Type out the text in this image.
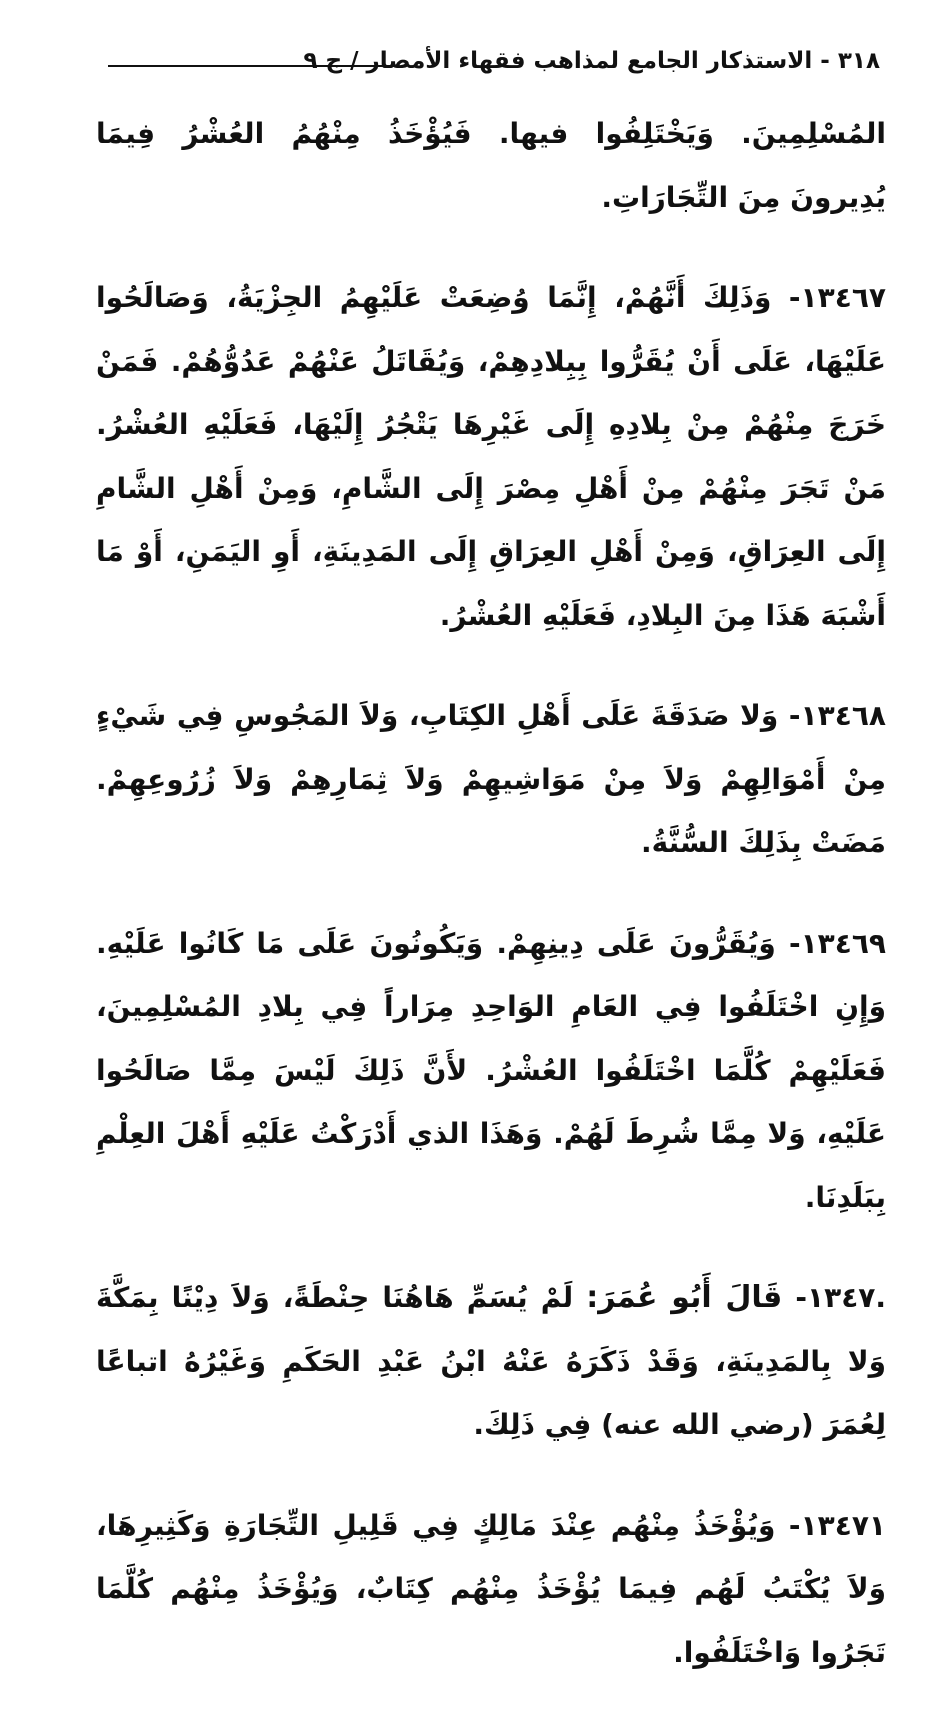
٣١٨ - الاستذكار الجامع لمذاهب فقهاء الأمصار / ج ٩

المُسْلِمِينَ. وَيَخْتَلِفُوا فيها. فَيُؤْخَذُ مِنْهُمُ العُشْرُ فِيمَا يُدِيرونَ مِنَ التِّجَارَاتِ.

١٣٤٦٧- وَذَلِكَ أَنَّهُمْ، إِنَّمَا وُضِعَتْ عَلَيْهِمُ الجِزْيَةُ، وَصَالَحُوا عَلَيْهَا، عَلَى أَنْ يُقَرُّوا بِبِلادِهِمْ، وَيُقَاتَلُ عَنْهُمْ عَدُوُّهُمْ. فَمَنْ خَرَجَ مِنْهُمْ مِنْ بِلادِهِ إِلَى غَيْرِهَا يَتْجُرُ إِلَيْهَا، فَعَلَيْهِ العُشْرُ. مَنْ تَجَرَ مِنْهُمْ مِنْ أَهْلِ مِصْرَ إِلَى الشَّامِ، وَمِنْ أَهْلِ الشَّامِ إِلَى العِرَاقِ، وَمِنْ أَهْلِ العِرَاقِ إِلَى المَدِينَةِ، أَوِ اليَمَنِ، أَوْ مَا أَشْبَهَ هَذَا مِنَ البِلادِ، فَعَلَيْهِ العُشْرُ.

١٣٤٦٨- وَلا صَدَقَةَ عَلَى أَهْلِ الكِتَابِ، وَلاَ المَجُوسِ فِي شَيْءٍ مِنْ أَمْوَالِهِمْ وَلاَ مِنْ مَوَاشِيهِمْ وَلاَ ثِمَارِهِمْ وَلاَ زُرُوعِهِمْ. مَضَتْ بِذَلِكَ السُّنَّةُ.

١٣٤٦٩- وَيُقَرُّونَ عَلَى دِينِهِمْ. وَيَكُونُونَ عَلَى مَا كَانُوا عَلَيْهِ. وَإِنِ اخْتَلَفُوا فِي العَامِ الوَاحِدِ مِرَاراً فِي بِلادِ المُسْلِمِينَ، فَعَلَيْهِمْ كُلَّمَا اخْتَلَفُوا العُشْرُ. لأَنَّ ذَلِكَ لَيْسَ مِمَّا صَالَحُوا عَلَيْهِ، وَلا مِمَّا شُرِطَ لَهُمْ. وَهَذَا الذي أَدْرَكْتُ عَلَيْهِ أَهْلَ العِلْمِ بِبَلَدِنَا.

.١٣٤٧- قَالَ أَبُو عُمَرَ: لَمْ يُسَمِّ هَاهُنَا حِنْطَةً، وَلاَ دِيْنًا بِمَكَّةَ وَلا بِالمَدِينَةِ، وَقَدْ ذَكَرَهُ عَنْهُ ابْنُ عَبْدِ الحَكَمِ وَغَيْرُهُ اتباعًا لِعُمَرَ (رضي الله عنه) فِي ذَلِكَ.

١٣٤٧١- وَيُؤْخَذُ مِنْهُم عِنْدَ مَالِكٍ فِي قَلِيلِ التِّجَارَةِ وَكَثِيرِهَا، وَلاَ يُكْتَبُ لَهُم فِيمَا يُؤْخَذُ مِنْهُم كِتَابٌ، وَيُؤْخَذُ مِنْهُم كُلَّمَا تَجَرُوا وَاخْتَلَفُوا.
